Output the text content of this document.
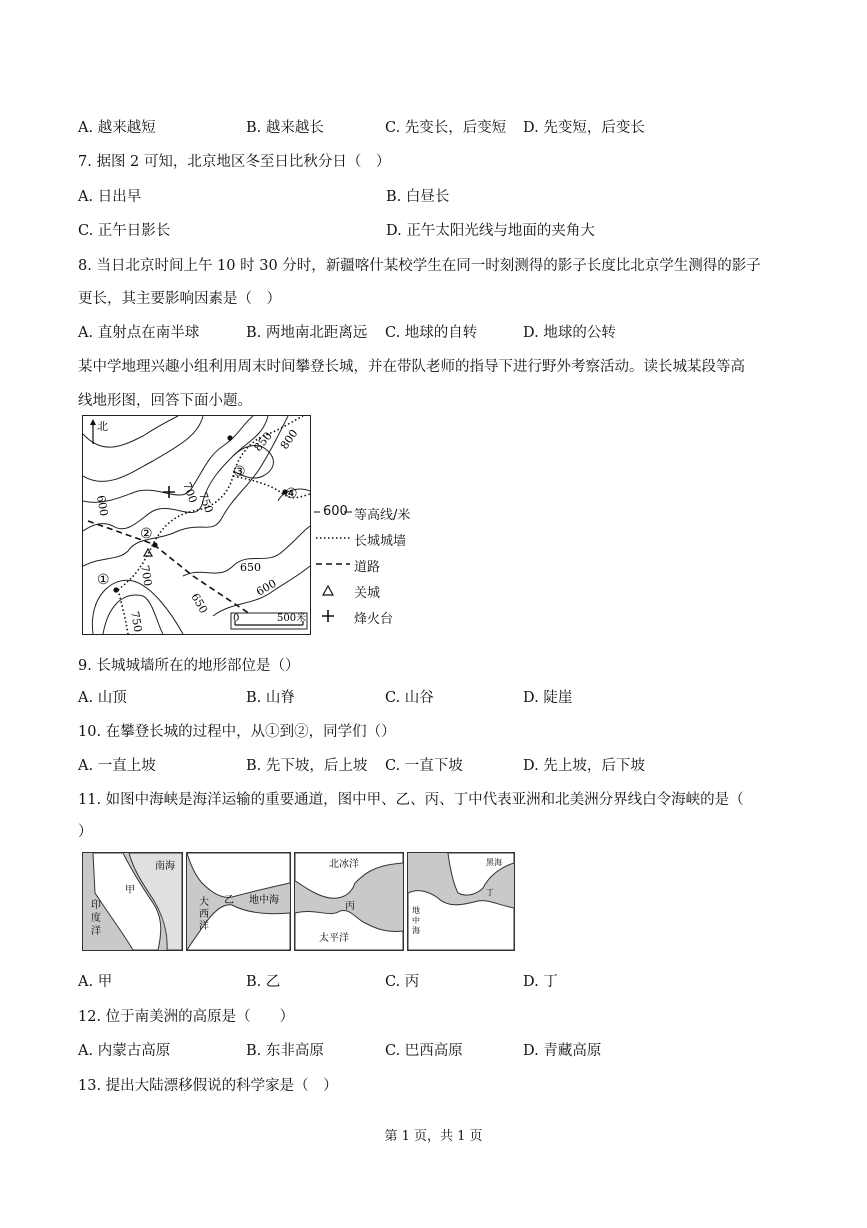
A. 越来越短	B. 越来越长	C. 先变长，后变短 D. 先变短，后变长
7. 据图 2 可知，北京地区冬至日比秋分日（　）
A. 日出早	B. 白昼长
C. 正午日影长	D. 正午太阳光线与地面的夹角大
8. 当日北京时间上午 10 时 30 分时，新疆喀什某校学生在同一时刻测得的影子长度比北京学生测得的影子
更长，其主要影响因素是（　）
A. 直射点在南半球	B. 两地南北距离远 C. 地球的自转	D. 地球的公转
某中学地理兴趣小组利用周末时间攀登长城，并在带队老师的指导下进行野外考察活动。读长城某段等高
线地形图，回答下面小题。
北
850 800
750
700
600
700	650
600
650
750
③
④
②
①
0	500米
600 等高线/米
长城城墙
道路
关城
烽火台
9. 长城城墙所在的地形部位是（）
A. 山顶	B. 山脊	C. 山谷	D. 陡崖
10. 在攀登长城的过程中，从①到②，同学们（）
A. 一直上坡	B. 先下坡，后上坡 C. 一直下坡	D. 先上坡，后下坡
11. 如图中海峡是海洋运输的重要通道，图中甲、乙、丙、丁中代表亚洲和北美洲分界线白令海峡的是（
）
南海
甲
印
度
洋
大
西
洋
乙 地中海
北冰洋
丙
太平洋
黑海
丁
地
中
海
A. 甲	B. 乙	C. 丙	D. 丁
12. 位于南美洲的高原是（　　）
A. 内蒙古高原	B. 东非高原	C. 巴西高原	D. 青藏高原
13. 提出大陆漂移假说的科学家是（　）
第 1 页，共 1 页
